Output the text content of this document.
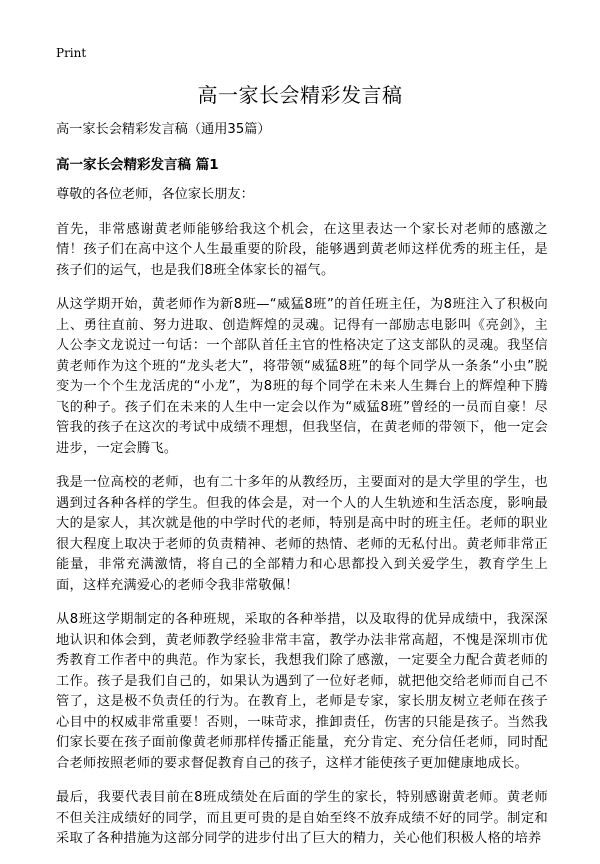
Print
高一家长会精彩发言稿

高一家长会精彩发言稿（通用35篇）

高一家长会精彩发言稿 篇1

尊敬的各位老师，各位家长朋友：

首先，非常感谢黄老师能够给我这个机会，在这里表达一个家长对老师的感激之情！孩子们在高中这个人生最重要的阶段，能够遇到黄老师这样优秀的班主任，是孩子们的运气，也是我们8班全体家长的福气。

从这学期开始，黄老师作为新8班—“威猛8班”的首任班主任，为8班注入了积极向上、勇往直前、努力进取、创造辉煌的灵魂。记得有一部励志电影叫《亮剑》，主人公李文龙说过一句话：一个部队首任主官的性格决定了这支部队的灵魂。我坚信黄老师作为这个班的“龙头老大”，将带领“威猛8班”的每个同学从一条条“小虫”脱变为一个个生龙活虎的“小龙”，为8班的每个同学在未来人生舞台上的辉煌种下腾飞的种子。孩子们在未来的人生中一定会以作为“威猛8班”曾经的一员而自豪！尽管我的孩子在这次的考试中成绩不理想，但我坚信，在黄老师的带领下，他一定会进步，一定会腾飞。

我是一位高校的老师，也有二十多年的从教经历，主要面对的是大学里的学生，也遇到过各种各样的学生。但我的体会是，对一个人的人生轨迹和生活态度，影响最大的是家人，其次就是他的中学时代的老师，特别是高中时的班主任。老师的职业很大程度上取决于老师的负责精神、老师的热情、老师的无私付出。黄老师非常正能量，非常充满激情，将自己的全部精力和心思都投入到关爱学生，教育学生上面，这样充满爱心的老师令我非常敬佩！

从8班这学期制定的各种班规，采取的各种举措，以及取得的优异成绩中，我深深地认识和体会到，黄老师教学经验非常丰富，教学办法非常高超，不愧是深圳市优秀教育工作者中的典范。作为家长，我想我们除了感激，一定要全力配合黄老师的工作。孩子是我们自己的，如果认为遇到了一位好老师，就把他交给老师而自己不管了，这是极不负责任的行为。在教育上，老师是专家，家长朋友树立老师在孩子心目中的权威非常重要！否则，一味苛求，推卸责任，伤害的只能是孩子。当然我们家长要在孩子面前像黄老师那样传播正能量，充分肯定、充分信任老师，同时配合老师按照老师的要求督促教育自己的孩子，这样才能使孩子更加健康地成长。

最后，我要代表目前在8班成绩处在后面的学生的家长，特别感谢黄老师。黄老师不但关注成绩好的同学，而且更可贵的是自始至终不放弃成绩不好的同学。制定和采取了各种措施为这部分同学的进步付出了巨大的精力，关心他们积极人格的培养
